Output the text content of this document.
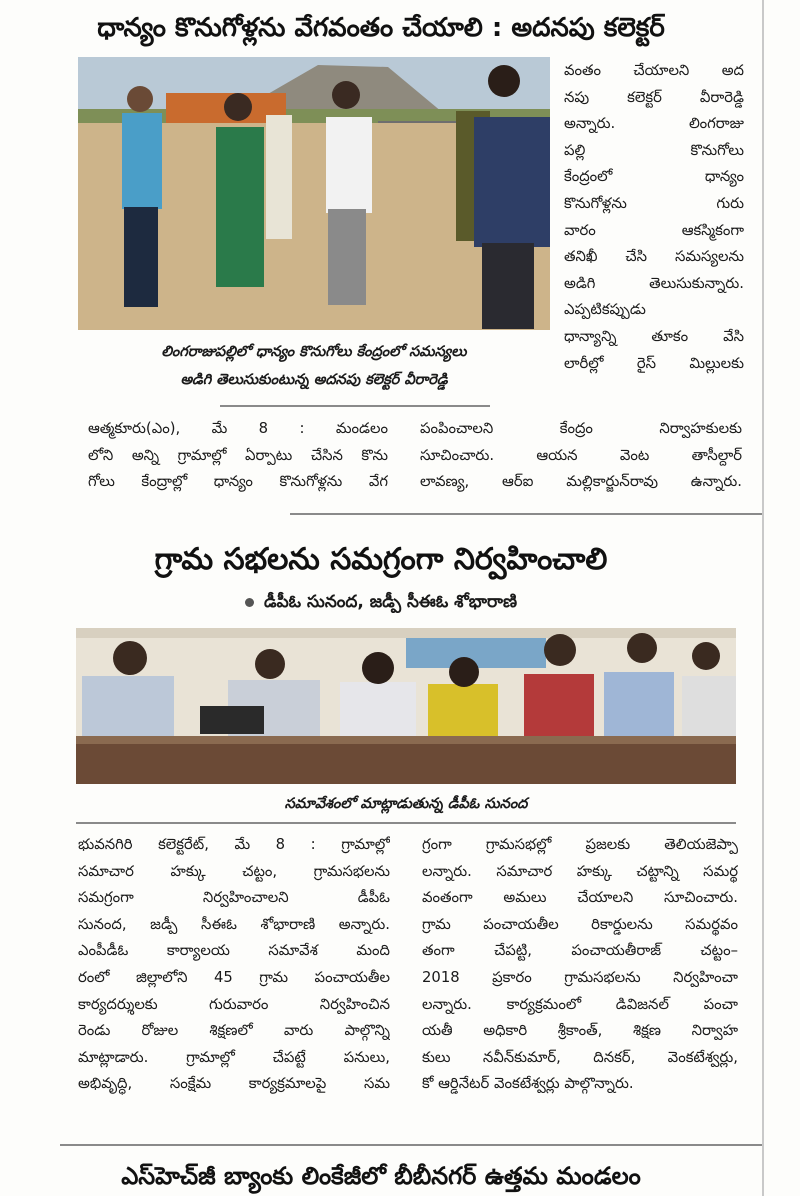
ధాన్యం కొనుగోళ్లను వేగవంతం చేయాలి : అదనపు కలెక్టర్
లింగరాజుపల్లిలో ధాన్యం కొనుగోలు కేంద్రంలో సమస్యలు
అడిగి తెలుసుకుంటున్న అదనపు కలెక్టర్ వీరారెడ్డి
వంతం చేయాలని అద
నపు కలెక్టర్ వీరారెడ్డి
అన్నారు. లింగరాజు
పల్లి కొనుగోలు
కేంద్రంలో ధాన్యం
కొనుగోళ్లను గురు
వారం ఆకస్మికంగా
తనిఖీ చేసి సమస్యలను
అడిగి తెలుసుకున్నారు.
ఎప్పటికప్పుడు
ధాన్యాన్ని తూకం వేసి
లారీల్లో రైస్ మిల్లులకు
ఆత్మకూరు(ఎం), మే 8 : మండలం
లోని అన్ని గ్రామాల్లో ఏర్పాటు చేసిన కొను
గోలు కేంద్రాల్లో ధాన్యం కొనుగోళ్లను వేగ
పంపించాలని కేంద్రం నిర్వాహకులకు
సూచించారు. ఆయన వెంట తాసీల్దార్
లావణ్య, ఆర్ఐ మల్లికార్జున్‌రావు ఉన్నారు.
గ్రామ సభలను సమగ్రంగా నిర్వహించాలి
డీపీఓ సునంద, జడ్పీ సీఈఓ శోభారాణి
సమావేశంలో మాట్లాడుతున్న డీపీఓ సునంద
భువనగిరి కలెక్టరేట్, మే 8 : గ్రామాల్లో
సమాచార హక్కు చట్టం, గ్రామసభలను
సమగ్రంగా నిర్వహించాలని డీపీఓ
సునంద, జడ్పీ సీఈఓ శోభారాణి అన్నారు.
ఎంపీడీఓ కార్యాలయ సమావేశ మంది
రంలో జిల్లాలోని 45 గ్రామ పంచాయతీల
కార్యదర్శులకు గురువారం నిర్వహించిన
రెండు రోజుల శిక్షణలో వారు పాల్గొన్ని
మాట్లాడారు. గ్రామాల్లో చేపట్టే పనులు,
అభివృద్ధి, సంక్షేమ కార్యక్రమాలపై సమ
గ్రంగా గ్రామసభల్లో ప్రజలకు తెలియజెప్పా
లన్నారు. సమాచార హక్కు చట్టాన్ని సమర్థ
వంతంగా అమలు చేయాలని సూచించారు.
గ్రామ పంచాయతీల రికార్డులను సమర్థవం
తంగా చేపట్టి, పంచాయతీరాజ్ చట్టం–
2018 ప్రకారం గ్రామసభలను నిర్వహించా
లన్నారు. కార్యక్రమంలో డివిజనల్ పంచా
యతీ అధికారి శ్రీకాంత్, శిక్షణ నిర్వాహ
కులు నవీన్‌కుమార్, దినకర్, వెంకటేశ్వర్లు,
కో ఆర్డినేటర్ వెంకటేశ్వర్లు పాల్గొన్నారు.
ఎస్‌హెచ్‌జీ బ్యాంకు లింకేజీలో బీబీనగర్ ఉత్తమ మండలం
